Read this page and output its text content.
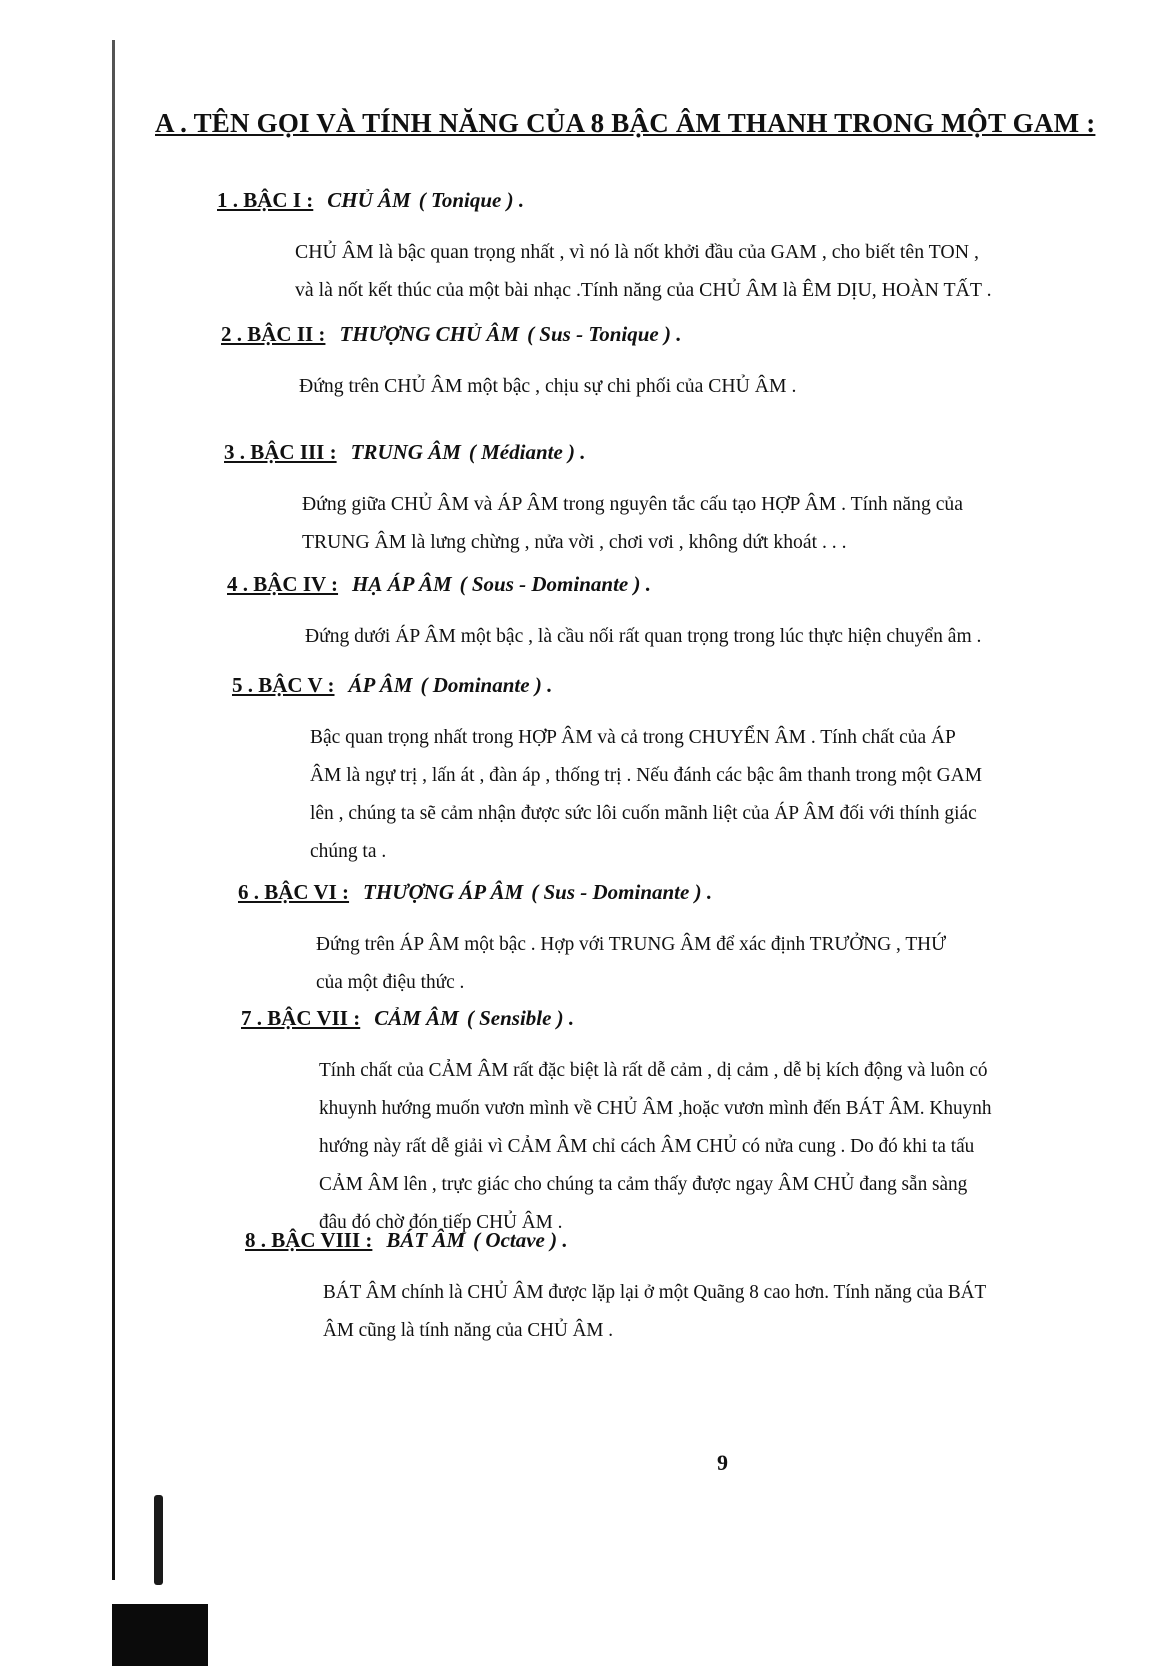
A . TÊN GỌI VÀ TÍNH NĂNG CỦA 8 BẬC ÂM THANH TRONG MỘT GAM :
1 . BẬC I : CHỦ ÂM ( Tonique ) .
CHỦ ÂM là bậc quan trọng nhất , vì nó là nốt khởi đầu của GAM , cho biết tên TON ,
và là nốt kết thúc của một bài nhạc .Tính năng của CHỦ ÂM là ÊM DỊU, HOÀN TẤT .
2 . BẬC II : THƯỢNG CHỦ ÂM ( Sus - Tonique ) .
Đứng trên CHỦ ÂM một bậc , chịu sự chi phối của CHỦ ÂM .
3 . BẬC III : TRUNG ÂM ( Médiante ) .
Đứng giữa CHỦ ÂM và ÁP ÂM trong nguyên tắc cấu tạo HỢP ÂM . Tính năng của
TRUNG ÂM là lưng chừng , nửa vời , chơi vơi , không dứt khoát . . .
4 . BẬC IV : HẠ ÁP ÂM ( Sous - Dominante ) .
Đứng dưới ÁP ÂM một bậc , là cầu nối rất quan trọng trong lúc thực hiện chuyển âm .
5 . BẬC V : ÁP ÂM ( Dominante ) .
Bậc quan trọng nhất trong HỢP ÂM và cả trong CHUYỂN ÂM . Tính chất của ÁP
ÂM là ngự trị , lấn át , đàn áp , thống trị . Nếu đánh các bậc âm thanh trong một GAM
lên , chúng ta sẽ cảm nhận được sức lôi cuốn mãnh liệt của ÁP ÂM đối với thính giác
chúng ta .
6 . BẬC VI : THƯỢNG ÁP ÂM ( Sus - Dominante ) .
Đứng trên ÁP ÂM một bậc . Hợp với TRUNG ÂM để xác định TRƯỞNG , THỨ
của một điệu thức .
7 . BẬC VII : CẢM ÂM ( Sensible ) .
Tính chất của CẢM ÂM rất đặc biệt là rất dễ cảm , dị cảm , dễ bị kích động và luôn có
khuynh hướng muốn vươn mình về CHỦ ÂM ,hoặc vươn mình đến BÁT ÂM. Khuynh
hướng này rất dễ giải vì CẢM ÂM chỉ cách ÂM CHỦ có nửa cung . Do đó khi ta tấu
CẢM ÂM lên , trực giác cho chúng ta cảm thấy được ngay ÂM CHỦ đang sẵn sàng
đâu đó chờ đón tiếp CHỦ ÂM .
8 . BẬC VIII : BÁT ÂM ( Octave ) .
BÁT ÂM chính là CHỦ ÂM được lặp lại ở một Quãng 8 cao hơn. Tính năng của BÁT
ÂM cũng là tính năng của CHỦ ÂM .
9
